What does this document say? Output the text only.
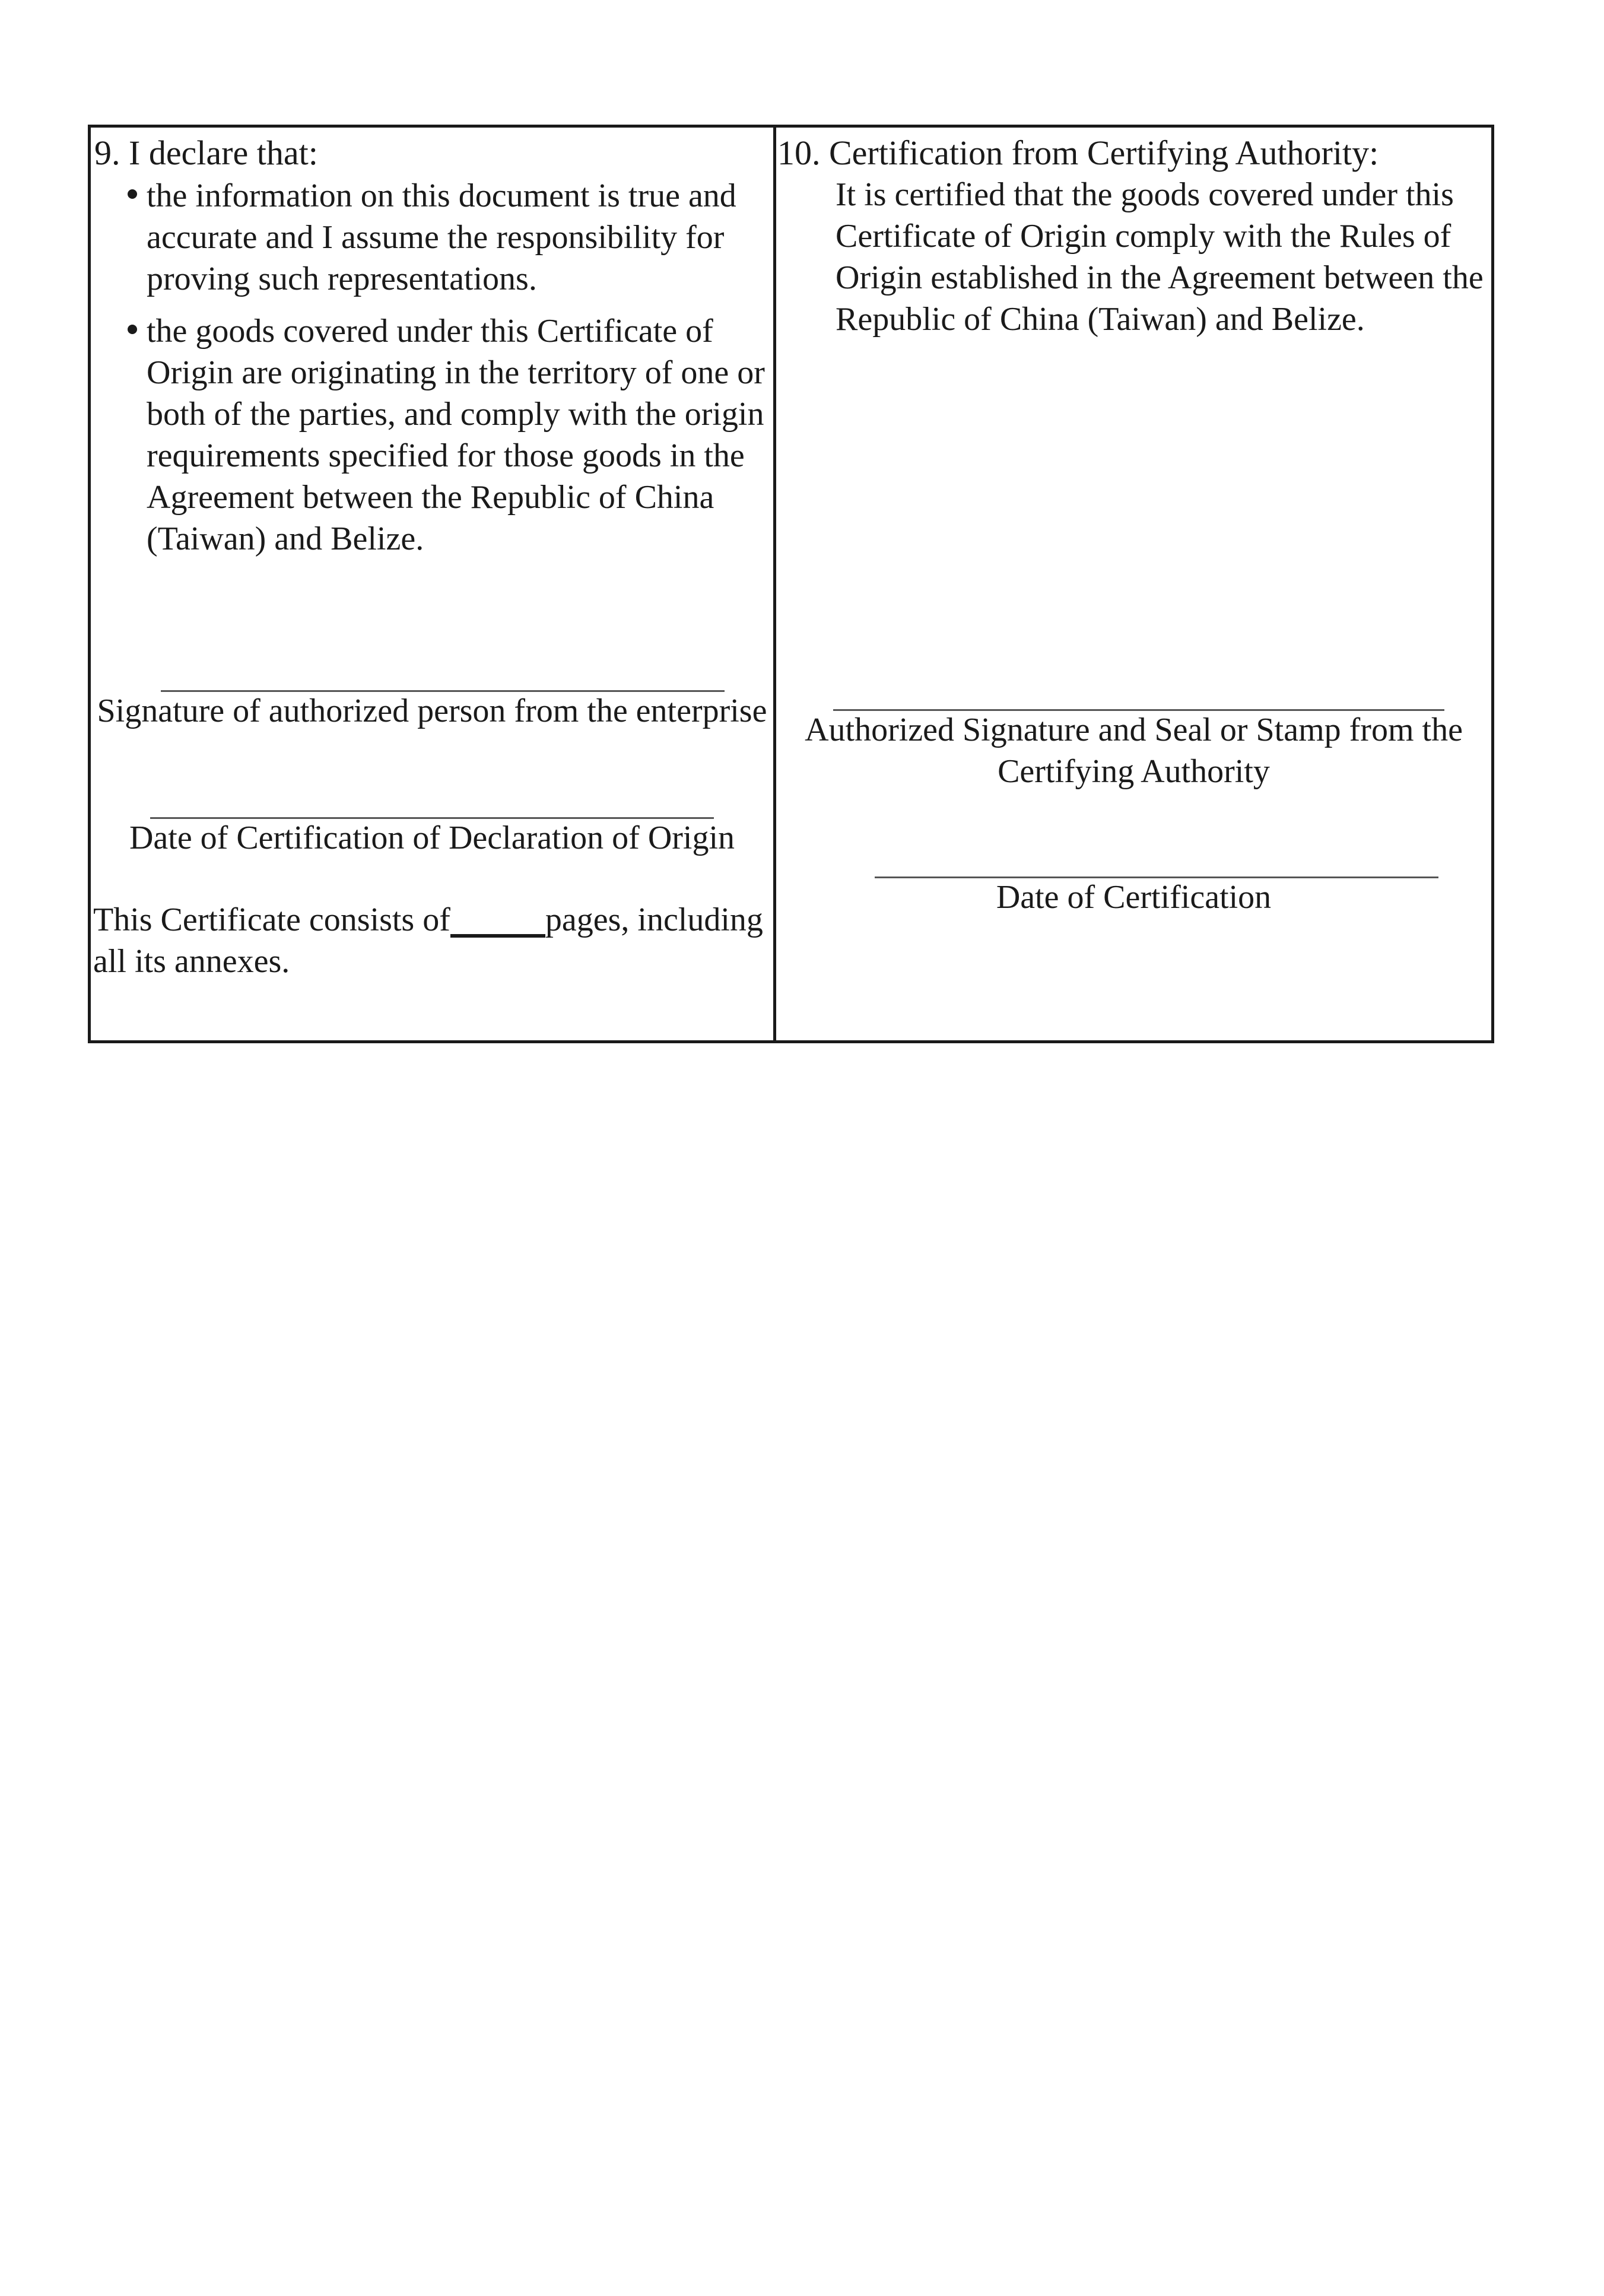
9. I declare that:

the information on this document is true and accurate and I assume the responsibility for proving such representations.
the goods covered under this Certificate of Origin are originating in the territory of one or both of the parties, and comply with the origin requirements specified for those goods in the Agreement between the Republic of China (Taiwan) and Belize.

Signature of authorized person from the enterprise

Date of Certification of Declaration of Origin

This Certificate consists of	pages, including

all its annexes.

10. Certification from Certifying Authority:

It is certified that the goods covered under this

Certificate of Origin comply with the Rules of

Origin established in the Agreement between the

Republic of China (Taiwan) and Belize.

Authorized Signature and Seal or Stamp from the

Certifying Authority

Date of Certification
